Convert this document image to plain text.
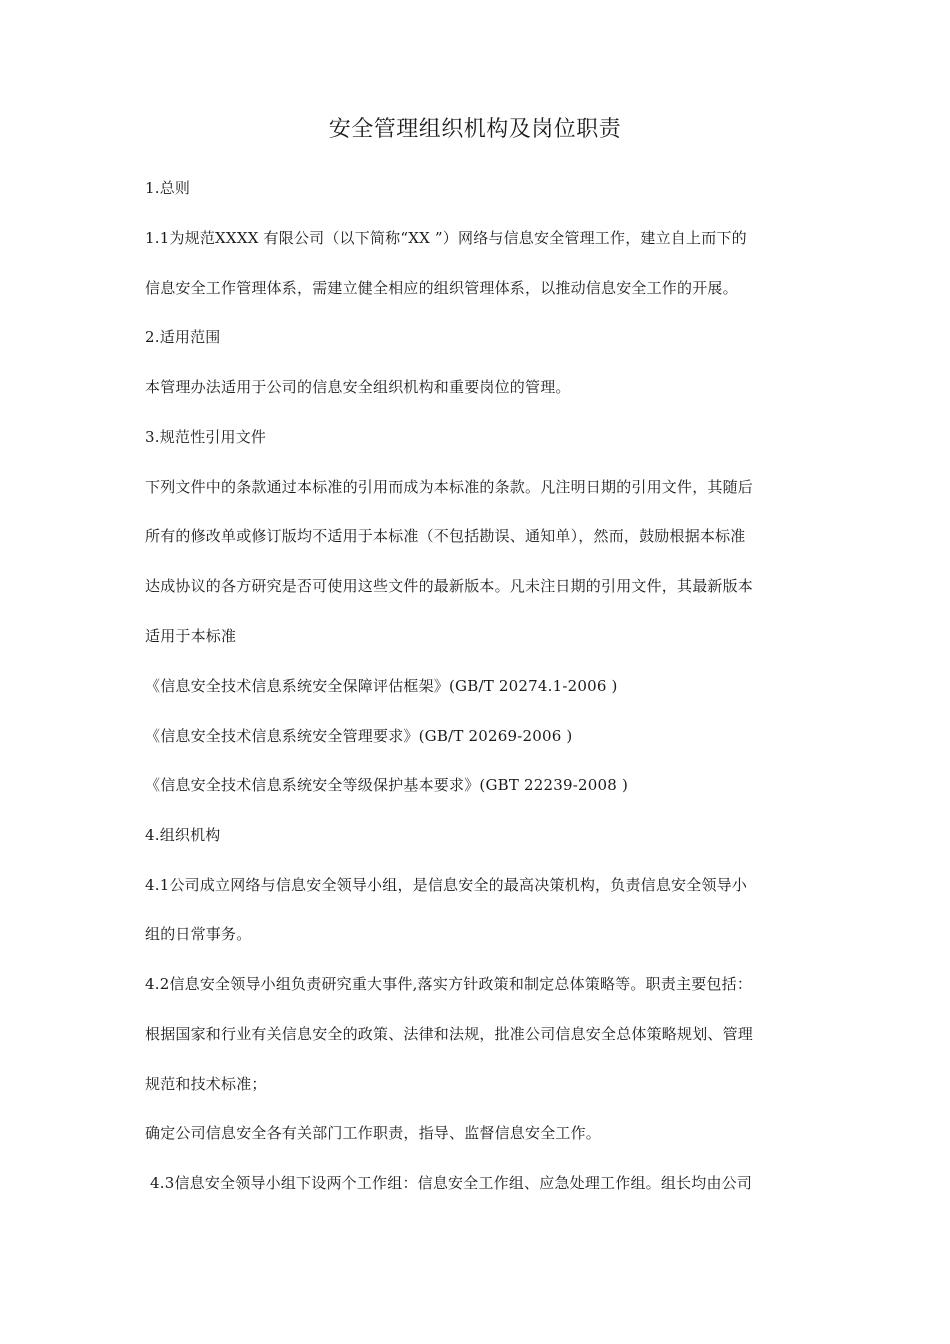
安全管理组织机构及岗位职责
1.总则
1.1为规范XXXX 有限公司（以下简称“XX ”）网络与信息安全管理工作，建立自上而下的
信息安全工作管理体系，需建立健全相应的组织管理体系，以推动信息安全工作的开展。
2.适用范围
本管理办法适用于公司的信息安全组织机构和重要岗位的管理。
3.规范性引用文件
下列文件中的条款通过本标准的引用而成为本标准的条款。凡注明日期的引用文件，其随后
所有的修改单或修订版均不适用于本标准（不包括勘误、通知单），然而，鼓励根据本标准
达成协议的各方研究是否可使用这些文件的最新版本。凡未注日期的引用文件，其最新版本
适用于本标准
《信息安全技术信息系统安全保障评估框架》(GB/T 20274.1-2006 )
《信息安全技术信息系统安全管理要求》(GB/T 20269-2006 )
《信息安全技术信息系统安全等级保护基本要求》(GBT 22239-2008 )
4.组织机构
4.1公司成立网络与信息安全领导小组，是信息安全的最高决策机构，负责信息安全领导小
组的日常事务。
4.2信息安全领导小组负责研究重大事件,落实方针政策和制定总体策略等。职责主要包括：
根据国家和行业有关信息安全的政策、法律和法规，批准公司信息安全总体策略规划、管理
规范和技术标准；
确定公司信息安全各有关部门工作职责，指导、监督信息安全工作。
4.3信息安全领导小组下设两个工作组：信息安全工作组、应急处理工作组。组长均由公司
